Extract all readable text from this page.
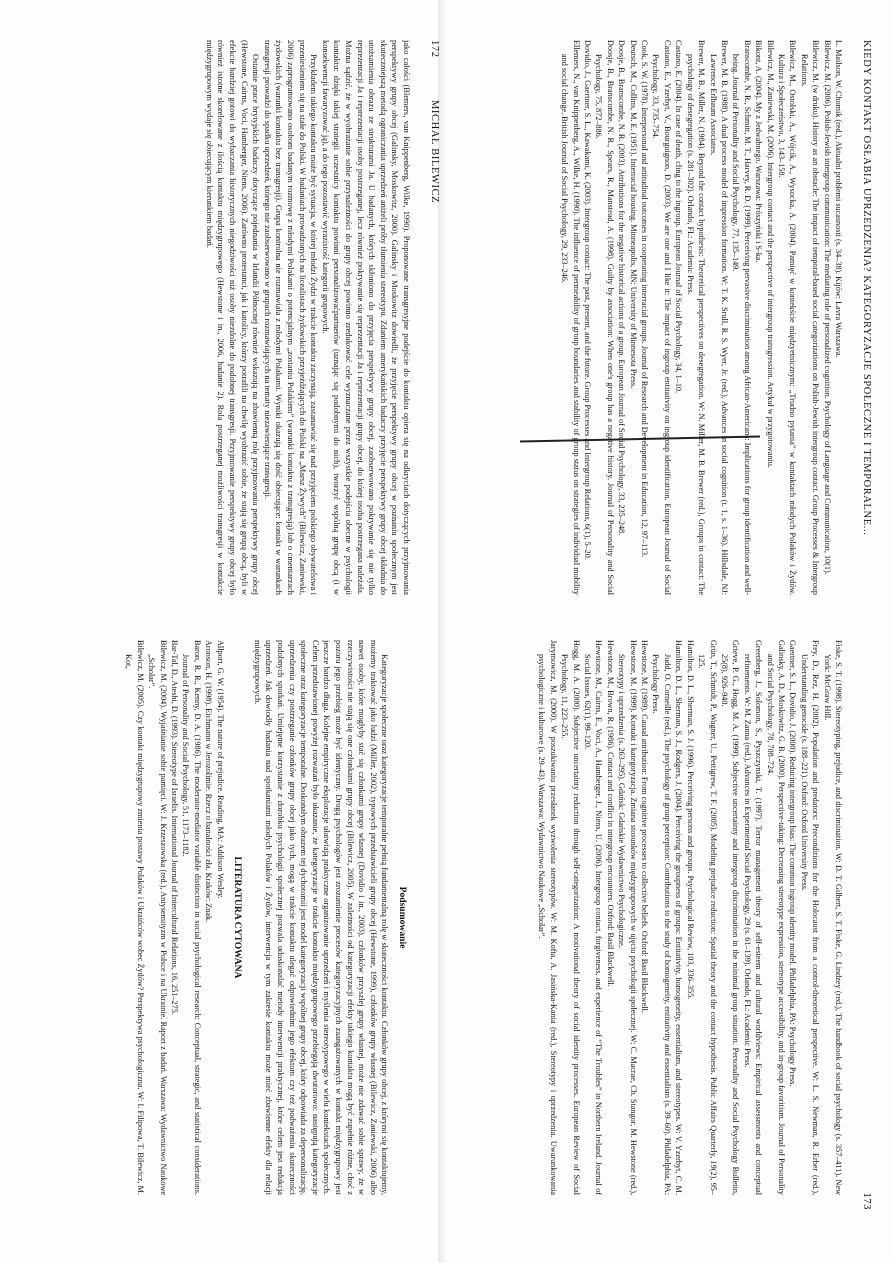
172
MICHAŁ BILEWICZ

jako całości (Blemers, van Knippenberg, Wilke, 1990). Proponowane transgresyjne podejście do kontaktu opiera się na odkryciach dotyczących przyjmowania perspektywy grupy obcej (Galinsky, Moskowitz, 2000). Galinsky i Moskowitz dowiedli, że przyjęcie perspektywy grupy obcej w poznaniu społecznym jest skuteczniejszą metodą ograniczania uprzedzeń aniżeli próby tłumienia stereotypu. Zdaniem amerykańskich badaczy przyjęcie perspektywy grupy obcej składnia do utożsamienia obrazu ze strukturami Ja. U badanych, których skłoniono do przyjęcia perspektywy grupy obcej, zaobserwowano pokrywanie się nie tylko reprezentacji Ja i reprezentacji osoby postrzeganej, lecz również pokrywanie się reprezentacji Ja i reprezentacji grupy obcej, do której osoba postrzegana należała. Można sądzić, że w wyobrażanie sobie przynależności do grupy obcej powinno zredukować cele wyznaczane przez wszystkie podejścia obecne w psychologii kontaktu: dzięki takiej strategii uczestnicy kontaktu powinni personalizowaćpartnerów (uznając się podobnymi do nich), tworzyć wspólną grupę obcą (i w konsekwencji fawaryzować ją), a do tego pozostawić wyrazistość kategorii grupowych.

Przykładem takiego kontaktu może być sytuacja, w której młodzi Żydzi w trakcie kontaktu zaczynają, zastanawiać się nad przyjęciem polskiego obywatelstwa i przeniesieniem się na stałe do Polski. W badaniach prowadzonych na licealistach żydowskich przyjeżdżających do Polski na „Marsz Żywych” (Bilewicz, Zaniewski, 2006) zaprogramowano osobom badanym rozmowę z młodymi Polakami o potencjalnym „zostaniu Polakiem” (warunki kontaktu z transgresją) lub o cmentarzach żydowskich (warunki kontaktu bez transgresji). Grupa kontrolna nie rozmawiała z młodymi Polakami. Wyniki okazują się dość obiecujące: kontakt w warunkach transgresji prowadzi do spadku uprzedzeń, którego nie zaobserwowano w grupach rozmawiających na tematy niezawierające transgresji.

Ostatnie prace brytyjskich badaczy dotyczące pojednania w Irlandii Północnej również wskazują na zbawienną rolę przyjmowania perspektywy grupy obcej (Hewstone, Cairns, Voci, Hamberger, Niens, 2006). Zarówno protestanci, jak i katolicy, którzy potrafili na chwilę wyobrazić sobie, że stają się grupą obcą, byli w efekcie bardziej gotowi do wybaczania historycznych niegodziwości niż osoby niezdolne do podobnej transgresji. Przyjmowanie perspektywy grupy obcej było również istotne skorelowane z ilością kontaktu międzygrupowego (Hewstone i in., 2006, badanie 2). Rola postrzeganej możliwości transgresji w kontakcie międzygrupowym wydaje się obiecującym kierunkiem badań.

Podsumowanie

Kategoryzacje społeczne oraz kategoryzacje temporalne pełnią fundamentalną rolę w skuteczności kontaktu. Członków grupy obcej, z którymi się kontaktujemy, możemy traktować jako ludzi (Miller, 2002), typowych przedstawicieli grupy obcej (Hewstone, 1999), członków grupy własnej (Bilewicz, Zaniewski, 2006) albo nawet osoby, które mogłyby stać się członkami grupy własnej (Dovidio i in., 2003), członków przyszłej grupy własnej, może nie zdawać sobie sprawy, że w rzeczywistości nie stają się one członkami grupy obcej (Bilewicz, 2005). W zależności od kategoryzacji efekty takiego kontaktu mogą być zupełnie różne, choć z pozoru jego przebieg może być identyczny. Drogą psychologów jest zrozumienie procesów kategoryzacyjnych zaangażowanych w kontakt międzygrupowy jest jeszcze bardzo długa. Kolejne empiryczne eksploracje ułatwiają praktyczne organizowanie uprzedzeń i myślenia stereotypowego w wielu kontekstach społecznych. Celem przedstawionej powyżej rozważań było ukazanie, że kategoryzacje w trakcie kontaktu międzygrupowego przebiegają dwutorowo: następują kategoryzacje społeczne oraz kategoryzacje temporalne. Doskonałym obrazem tej dychotomii jest model kategoryzacji wspólnej grupy obcej, który odpowiada za depersonalizację, uprzedzenia czy postrzeganie członków grupy obcej jako tych, mogą w trakcie kontaktu ulegać odpowiednim jego efektom czy też podważeniu skuteczności podobnych spotkań. Umiejętne korzystanie z dorobku psychologii społecznej pozwala udoskonalać metody interwencji praktycznej, które celem jest redukcja uprzedzeń. Jak dowiodły badania nad spotkaniami młodych Polaków i Żydów, interwencja w tym zakresie kontaktu może mieć zbawienne efekty dla relacji międzygrupowych.

LITERATURA CYTOWANA

Allport, G. W. (1954). The nature of prejudice. Reading, MA: Addison Wesley.

Aronson, H. (1998). Eichmann w Jerozolimie. Rzecz o banalności zła. Kraków: Znak.

Baron, R. R., Kenny, D. A. (1986). The moderator-mediator variable distinction in social psychological research: Conceptual, strategic, and statistical considerations. Journal of Personality and Social Psychology, 51, 1173–1182.

Bar-Tal, D., Ateshi, D. (1993). Stereotype of Israelis. International Journal of Intercultural Relations, 16, 251–275.

Bilewicz, M. (2004). Wyjaśnianie sobie pamięci. W: J. Krzeszowska (red.), Antysemityzm w Polsce i na Ukrainie. Raport z badań. Warszawa: Wydawnictwo Naukowe „Scholar”.

Bilewicz, M. (2005). Czy kontakt międzygrupowy zmienia postawy Polaków i Ukraińców wobec Żydów? Perspektywa psychologiczna. W: I. Filipowa, T. Bilewicz, M. Kot,

KIEDY KONTAKT OSŁABIA UPRZEDZENIA? KATEGORYZACJE SPOŁECZNE I TEMPORALNE...
173

L. Mailson, W. Chomik (red.), Aktualni problemi sucasnosti (s. 34–38). Kijów: Lavra Warszawa.

Bilewicz, M. (2006). Polish-Jewish intergroup communication: The mediating role of personalized cognition. Psychology of Language and Communication, 10(1).

Bilewicz, M. (w druku). History as an obstacle: The impact of temporal-based social categorizations on Polish-Jewish intergroup contact. Group Processes & Intergroup Relations.

Bilewicz, M., Ostolski, A., Wójcik, A., Wysocka, A. (2004). Pamięć w kontekście międzyetnicznym: „Trudno pytania” w kontaktach młodych Polaków i Żydów. Kultura i Społeczeństwo, 3, 143–158.

Bilewicz, M., Zaniewski, M. (2006). Intergroup contact and the perspective of intergroup transgression. Artykuł w przygotowaniu.

Bikont, A. (2004). My z Jedwabnego. Warszawa: Prószyński i S-ka.

Branscombe, N. R., Schmitt, M. T., Harvey, R. D. (1999). Perceiving pervasive discrimination among African-Americans: Implications for group identification and well-being. Journal of Personality and Social Psychology, 77, 135–149.

Brewer, M. B. (1988). A dual process model of impression formation. W: T. K. Srull, R. S. Wyer, Jr. (red.), Advances in social cognition (t. 1, s. 1–36). Hillsdale, NJ: Lawrence Erlbaum Associates.

Brewer, M. B., Miller, N. (1984). Beyond the contact hypothesis: Theoretical perspectives on desegregation. W: N. Miller, M. B. Brewer (red.), Groups in contact: The psychology of desegregation (s. 281–302). Orlando, FL: Academic Press.

Castano, E. (2004). In case of death, cling to the ingroup. European Journal of Social Psychology, 34, 1–10.

Castano, E., Yzerbyt, V., Bourguignon, D. (2003). We are one and I like it: The impact of ingroup entitativity on ingroup identification. European Journal of Social Psychology, 33, 735–754.

Cook, S. W. (1978). Interpersonal and attitudinal outcomes in cooperating interracial groups. Journal of Research and Development in Education, 12, 97–113.

Deutsch, M., Collins, M. E. (1951). Interracial housing. Minneapolis, MN: University of Minnesota Press.

Doosje, B., Branscombe, N. R. (2003). Attributions for the negative historical actions of a group. European Journal of Social Psychology, 33, 235–248.

Doosje, B., Branscombe, N. R., Spears, R., Manstead, A. (1998). Guilty by association: When one's group has a negative history. Journal of Personality and Social Psychology, 75, 872–886.

Dovidio, J., Gaertner, S. L., Kawakami, K. (2003). Intergroup contact: The past, present, and the future. Group Processes and Intergroup Relations, 6(1), 5–20.

Ellemers, N., van Knippenberg, A., Wilke, H. (1990). The influence of permeability of group boundaries and stability of group status on strategies of individual mobility and social change. British Journal of Social Psychology, 29, 233–246.

Fiske, S. T. (1998). Stereotyping, prejudice, and discrimination. W: D. T. Gilbert, S. T. Fiske, G. Lindzey (red.), The handbook of social psychology (s. 357–411). New York: McGraw Hill.

Frey, D., Rez, H. (2002). Population and predators: Preconditions for the Holocaust from a control-theoretical perspective. W: L. S. Newman, R. Erber (red.), Understanding genocide (s. 188–221). Oxford: Oxford University Press.

Gaertner, S. L., Dovidio, J. (2000). Reducing intergroup bias: The common ingroup identity model. Philadelphia, PA: Psychology Press.

Galinsky, A. D., Moskowitz, G. B. (2000). Perspective-taking: Decreasing stereotype expression, stereotype accessibility, and in-group favoritism. Journal of Personality and Social Psychology, 78, 708–724.

Greenberg, J., Solomon, S., Pyszczynski, T. (1997). Terror management theory of self-esteem and cultural worldviews: Empirical assessments and conceptual refinements. W: M. Zanna (red.), Advances in Experimental Social Psychology, 29 (s. 61–139). Orlando, FL: Academic Press.

Grieve, P. G., Hogg, M. A. (1999). Subjective uncertainty and intergroup discrimination in the minimal group situation. Personality and Social Psychology Bulletin, 25(8), 926–940.

Grün, T., Schmidt, P., Wagner, U., Pettigrew, T. F. (2005). Modeling prejudice reduction: Spatial theory and the contact hypothesis. Public Affairs Quarterly, 19(2), 95–125.

Hamilton, D. L., Sherman, S. J. (1996). Perceiving persons and groups. Psychological Review, 103, 336–355.

Hamilton, D. L., Sherman, S. J., Rodgers, J. (2004). Perceiving the groupness of groups: Entitativity, homogeneity, essentialism, and stereotypes. W: V. Yzerbyt, C. M. Judd, O. Corneille (red.), The psychology of group perception: Contributions to the study of homogeneity, entitativity and essentialism (s. 39–60). Philadelphia, PA: Psychology Press.

Hewstone, M. (1989). Causal attribution: From cognitive processes to collective beliefs. Oxford: Basil Blackwell.

Hewstone, M. (1999). Kontakt i kategoryzacja. Zmiana stosunków międzygrupowych w ujęciu psychologii społecznej. W: C. Macrae, Ch. Stangor, M. Hewstone (red.), Stereotypy i uprzedzenia (s. 263–295). Gdańsk: Gdańskie Wydawnictwo Psychologiczne.

Hewstone, M., Brown, R. (1986). Contact and conflict in intergroup encounters. Oxford: Basil Blackwell.

Hewstone, M., Cairns, E., Voci, A., Hamberger, J., Niens, U. (2006). Intergroup contact, forgiveness, and experience of “The Troubles” in Northern Ireland. Journal of Social Issues, 62(1), 99–120.

Hogg, M. A. (2000). Subjective uncertainty reduction through self-categorization: A motivational theory of social identity processes. European Review of Social Psychology, 11, 223–255.

Jarymowicz, M. (2000). W poszukiwaniu przesłanek wyzwolenia stereotypów. W: M. Kofta, A. Jasińska-Kania (red.), Stereotypy i uprzedzenia. Uwarunkowania psychologiczne i kulturowe (s. 29–43). Warszawa: Wydawnictwo Naukowe „Scholar”.
